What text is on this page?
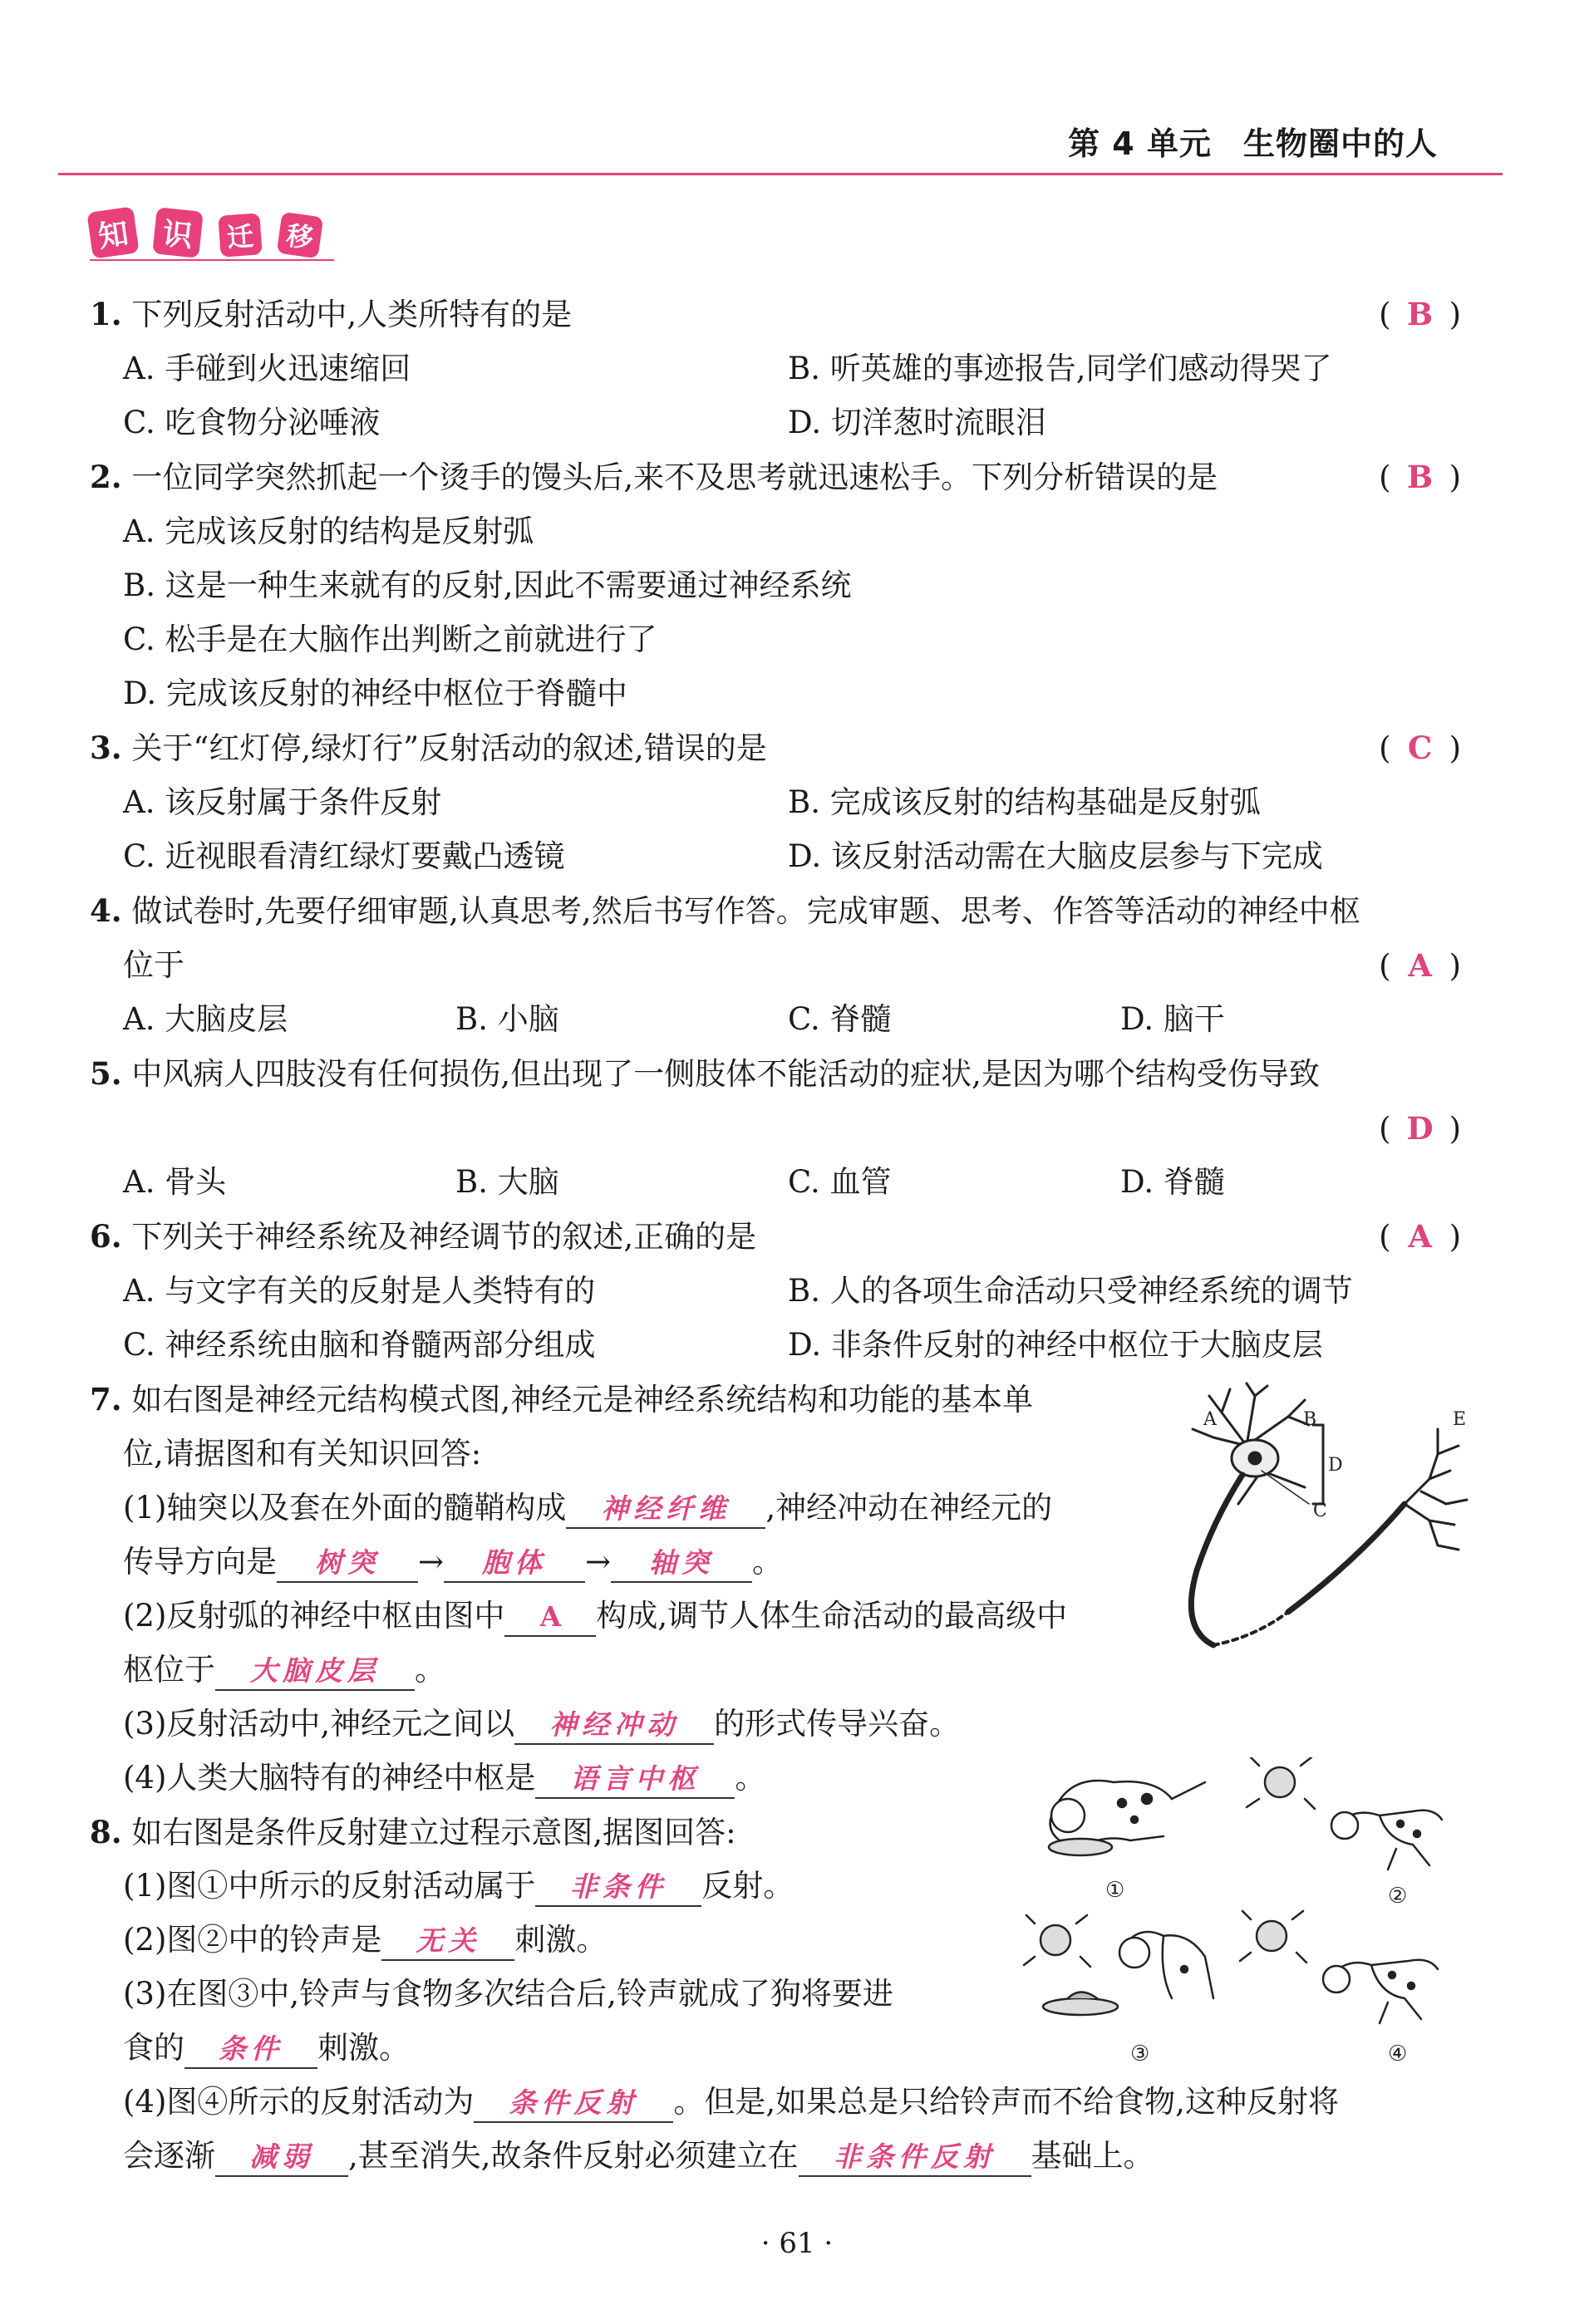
第 4 单元 生物圈中的人
知 识	迁 移
1. 下列反射活动中,人类所特有的是	( B )
A. 手碰到火迅速缩回	B. 听英雄的事迹报告,同学们感动得哭了
C. 吃食物分泌唾液	D. 切洋葱时流眼泪
2. 一位同学突然抓起一个烫手的馒头后,来不及思考就迅速松手。下列分析错误的是	( B )
A. 完成该反射的结构是反射弧
B. 这是一种生来就有的反射,因此不需要通过神经系统
C. 松手是在大脑作出判断之前就进行了
D. 完成该反射的神经中枢位于脊髓中
3. 关于“红灯停,绿灯行”反射活动的叙述,错误的是	( C )
A. 该反射属于条件反射	B. 完成该反射的结构基础是反射弧
C. 近视眼看清红绿灯要戴凸透镜	D. 该反射活动需在大脑皮层参与下完成
4. 做试卷时,先要仔细审题,认真思考,然后书写作答。完成审题、思考、作答等活动的神经中枢
位于	( A )
A. 大脑皮层	B. 小脑	C. 脊髓	D. 脑干
5. 中风病人四肢没有任何损伤,但出现了一侧肢体不能活动的症状,是因为哪个结构受伤导致
( D )
A. 骨头	B. 大脑	C. 血管	D. 脊髓
6. 下列关于神经系统及神经调节的叙述,正确的是	( A )
A. 与文字有关的反射是人类特有的	B. 人的各项生命活动只受神经系统的调节
C. 神经系统由脑和脊髓两部分组成	D. 非条件反射的神经中枢位于大脑皮层
7. 如右图是神经元结构模式图,神经元是神经系统结构和功能的基本单
位,请据图和有关知识回答:
(1)轴突以及套在外面的髓鞘构成 神经纤维 ,神经冲动在神经元的
传导方向是 树突 → 胞体 → 轴突 。
(2)反射弧的神经中枢由图中 A 构成,调节人体生命活动的最高级中
枢位于 大脑皮层 。
(3)反射活动中,神经元之间以 神经冲动 的形式传导兴奋。
(4)人类大脑特有的神经中枢是 语言中枢 。
A	B
D
C
E
8. 如右图是条件反射建立过程示意图,据图回答:
(1)图①中所示的反射活动属于 非条件 反射。
(2)图②中的铃声是 无关 刺激。
(3)在图③中,铃声与食物多次结合后,铃声就成了狗将要进
食的 条件 刺激。
(4)图④所示的反射活动为 条件反射 。但是,如果总是只给铃声而不给食物,这种反射将
会逐渐 减弱 ,甚至消失,故条件反射必须建立在 非条件反射 基础上。
①	②
③	④
· 61 ·
